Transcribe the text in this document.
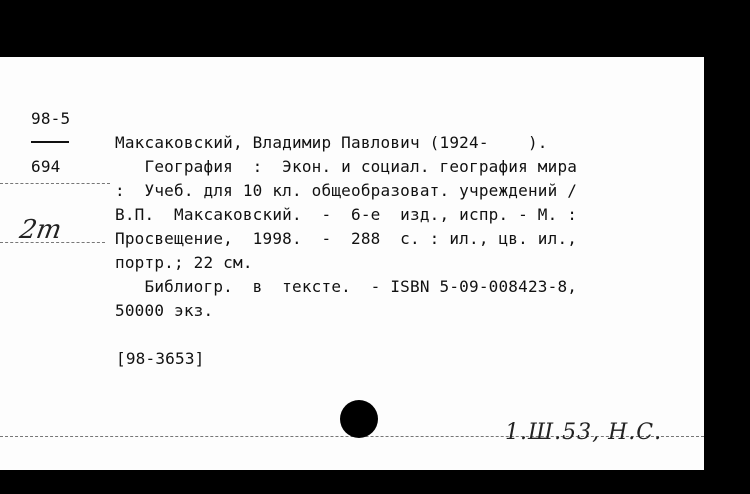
98-5
694
Максаковский, Владимир Павлович (1924-    ).
География  :  Экон. и социал. география мира
:  Учеб. для 10 кл. общеобразоват. учреждений /
В.П.  Максаковский.  -  6-е  изд., испр. - М. :
Просвещение,  1998.  -  288  с. : ил., цв. ил.,
портр.; 22 см.
Библиогр.  в  тексте.  - ISBN 5-09-008423-8,
50000 экз.
[98-3653]
2m
1.Ш.53, Н.С.
